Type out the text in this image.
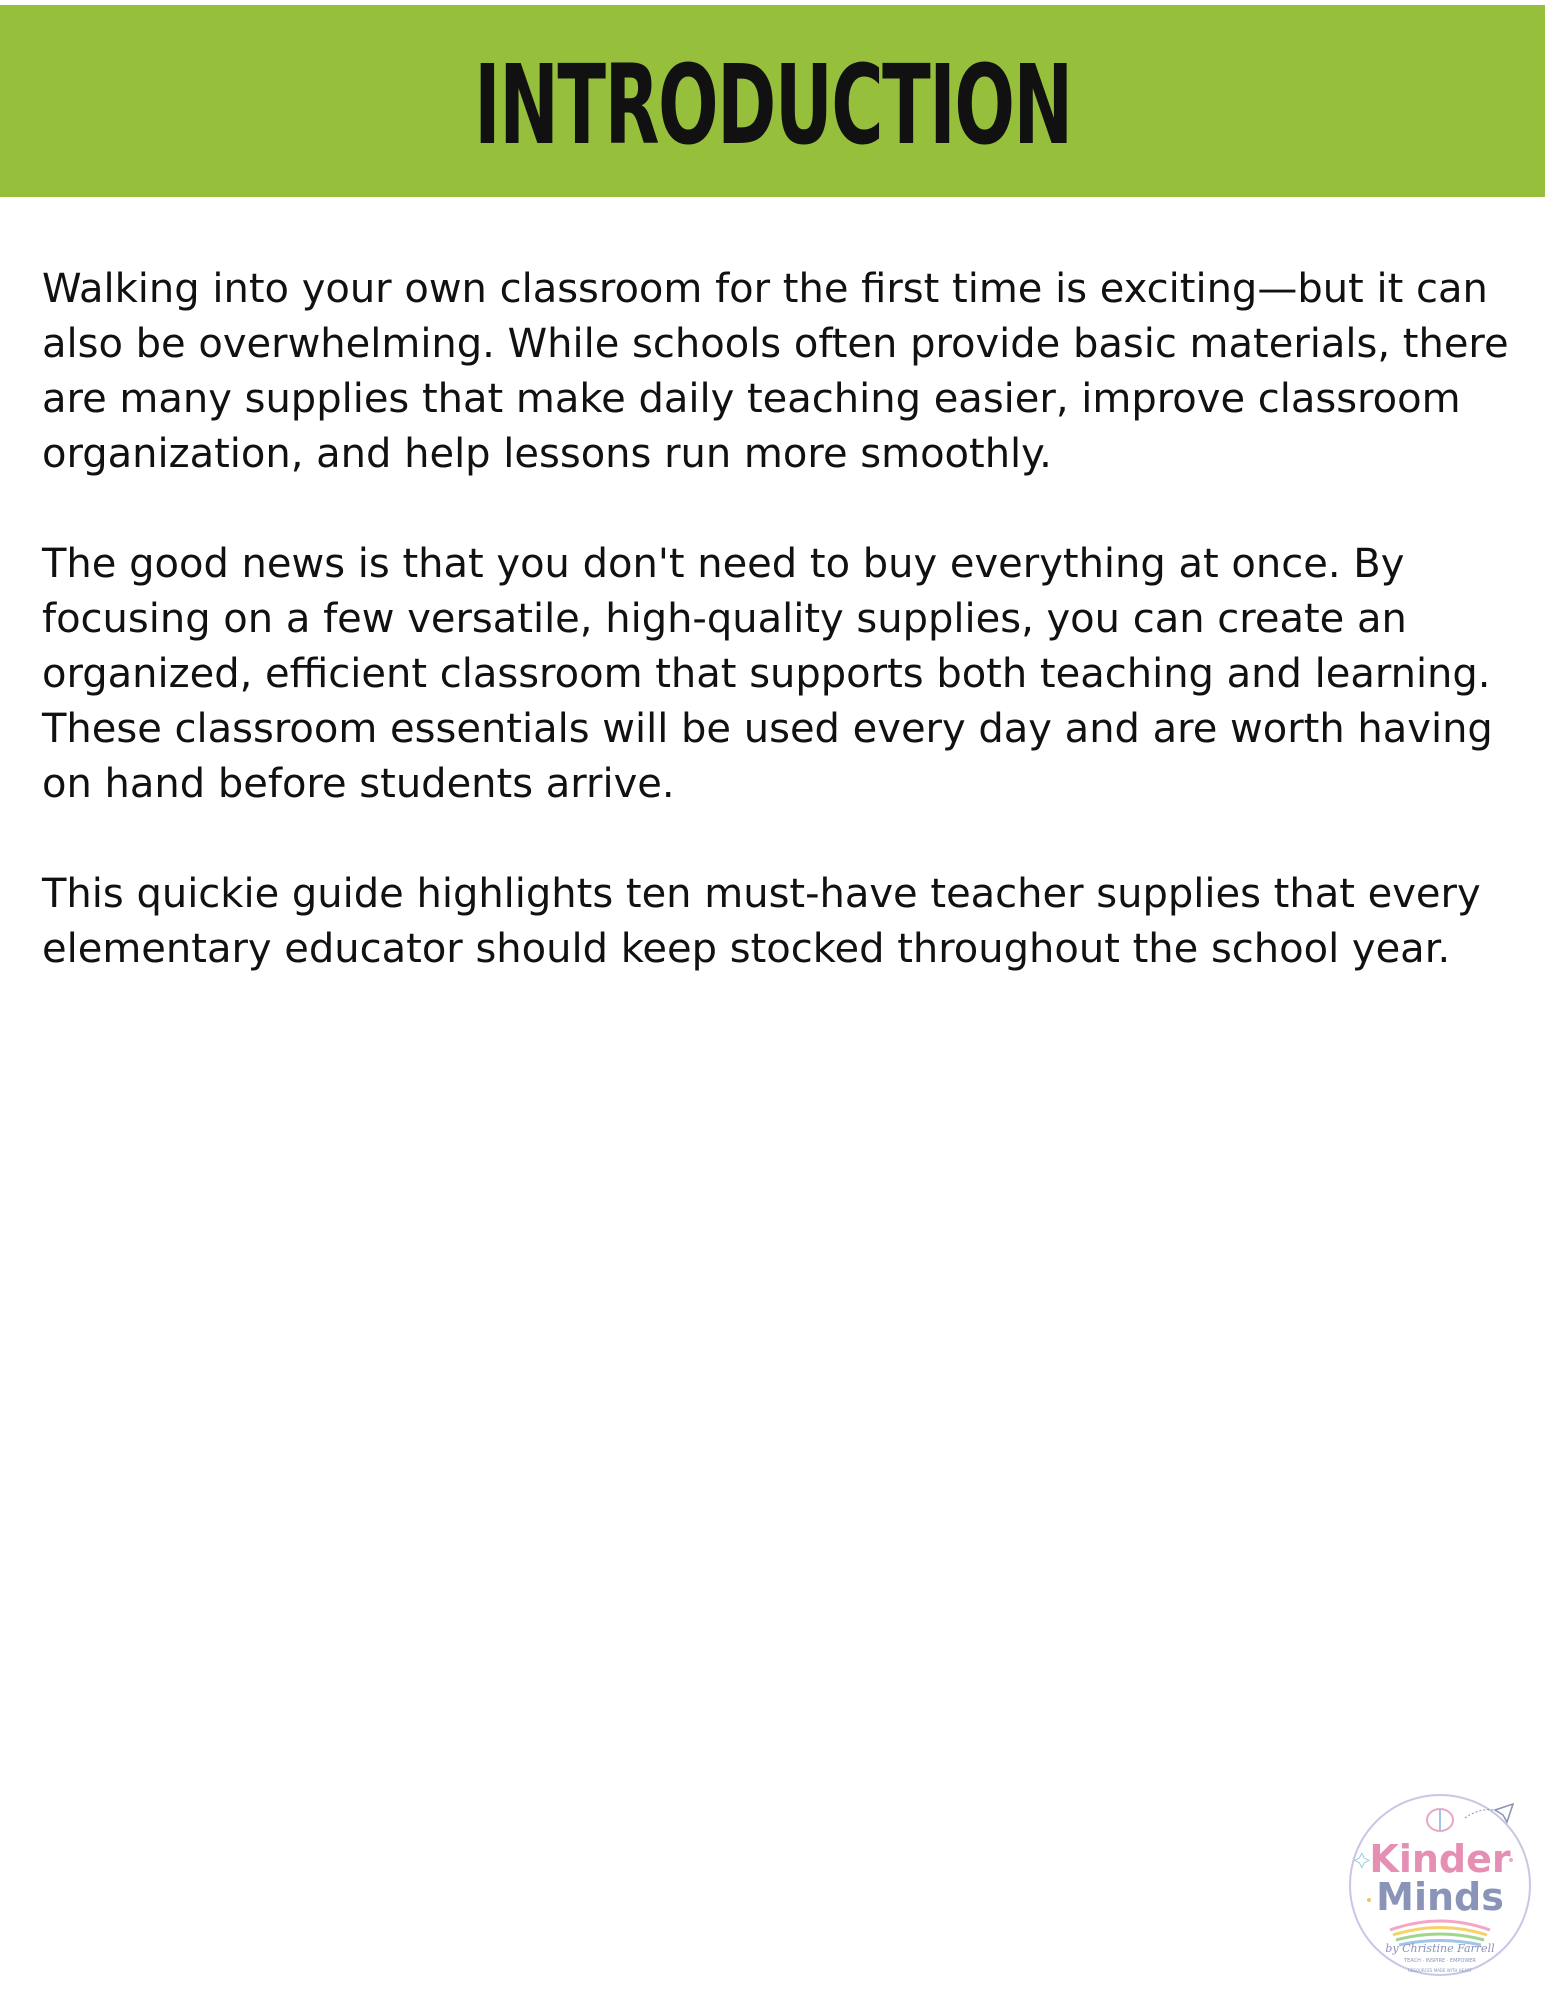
INTRODUCTION

Walking into your own classroom for the first time is exciting—but it can also be overwhelming. While schools often provide basic materials, there are many supplies that make daily teaching easier, improve classroom organization, and help lessons run more smoothly.

The good news is that you don't need to buy everything at once. By focusing on a few versatile, high-quality supplies, you can create an organized, efficient classroom that supports both teaching and learning. These classroom essentials will be used every day and are worth having on hand before students arrive.

This quickie guide highlights ten must-have teacher supplies that every elementary educator should keep stocked throughout the school year.

Kinder
Minds
by Christine Farrell
TEACH · INSPIRE · EMPOWER
RESOURCES MADE WITH HEART
